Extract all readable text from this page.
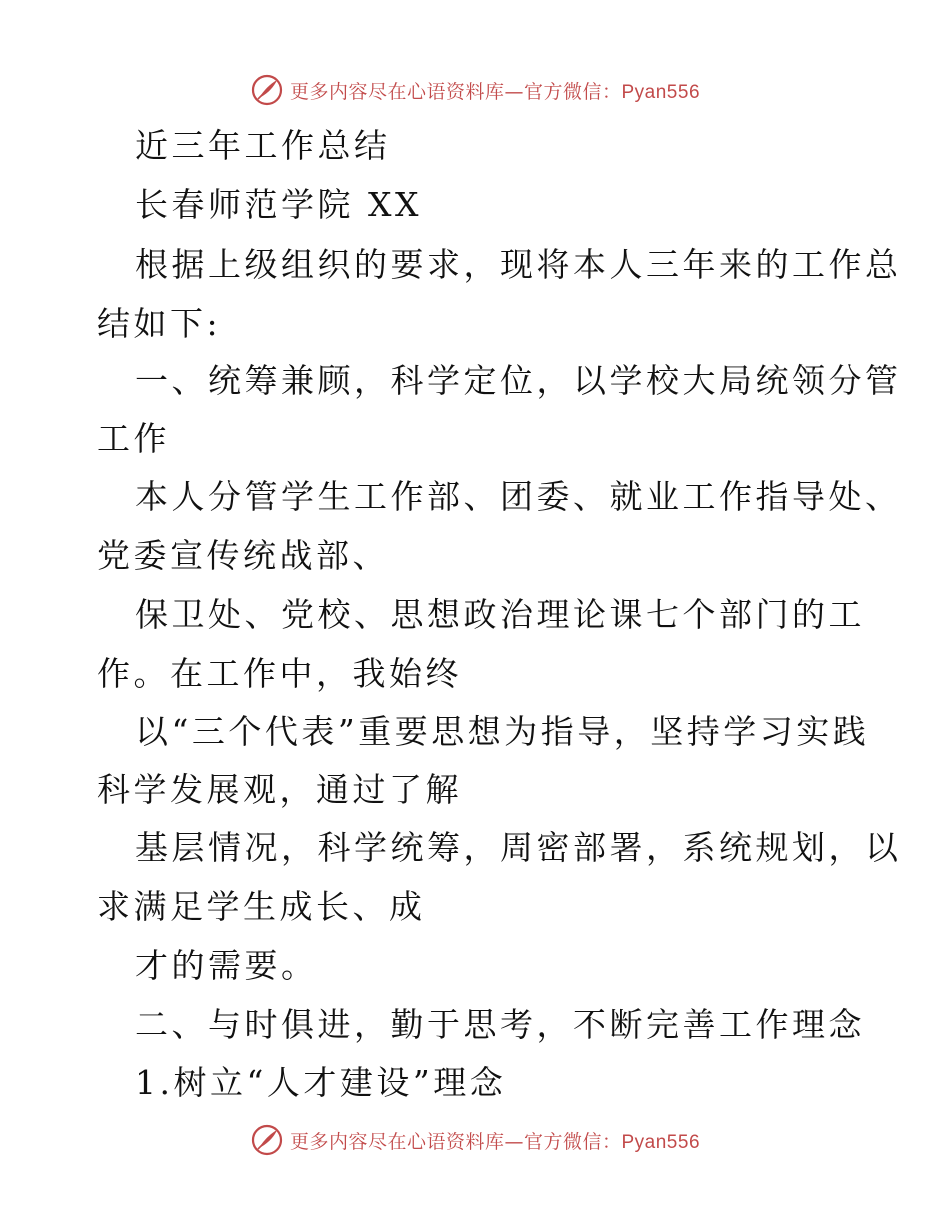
更多内容尽在心语资料库—官方微信：Pyan556
近三年工作总结
长春师范学院 XX
根据上级组织的要求，现将本人三年来的工作总
结如下:
一、统筹兼顾，科学定位，以学校大局统领分管
工作
本人分管学生工作部、团委、就业工作指导处、
党委宣传统战部、
保卫处、党校、思想政治理论课七个部门的工
作。在工作中，我始终
以“三个代表”重要思想为指导，坚持学习实践
科学发展观，通过了解
基层情况，科学统筹，周密部署，系统规划，以
求满足学生成长、成
才的需要。
二、与时俱进，勤于思考，不断完善工作理念
1.树立“人才建设”理念
更多内容尽在心语资料库—官方微信：Pyan556
